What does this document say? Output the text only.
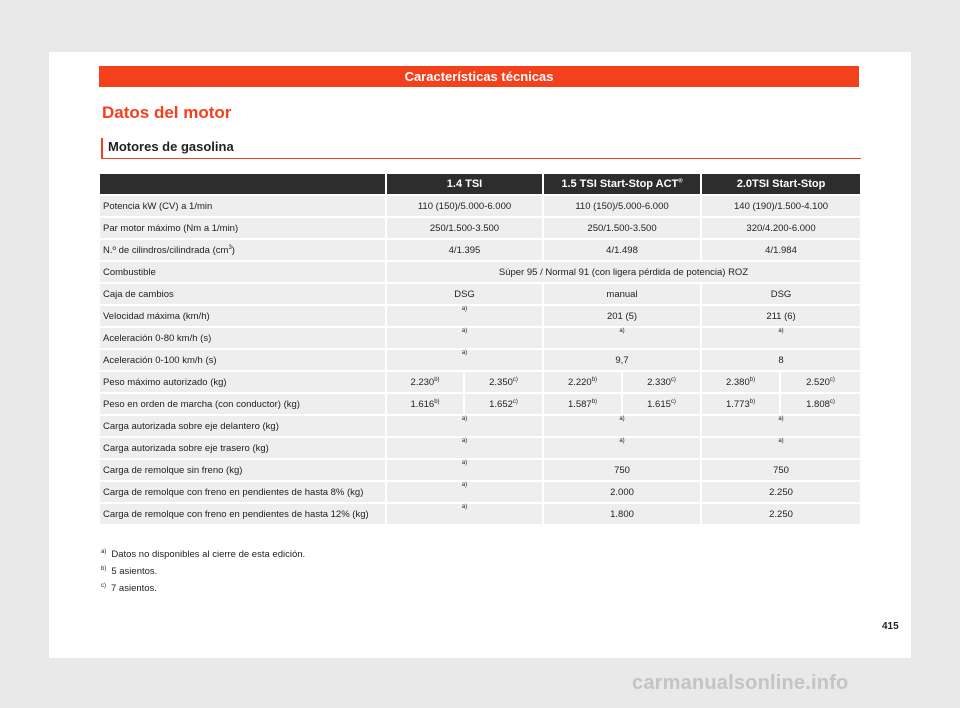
Características técnicas
Datos del motor
Motores de gasolina
	1.4 TSI		1.5 TSI Start-Stop ACT®		2.0TSI Start-Stop	
Potencia kW (CV) a 1/min	110 (150)/5.000-6.000		110 (150)/5.000-6.000		140 (190)/1.500-4.100	
Par motor máximo (Nm a 1/min)	250/1.500-3.500		250/1.500-3.500		320/4.200-6.000	
N.º de cilindros/cilindrada $(cm^3)$	4/1.395		4/1.498		4/1.984	
Combustible	Súper 95 / Normal 91 (con ligera pérdida de potencia) ROZ					
Caja de cambios	DSG		manual		DSG	
Velocidad máxima (km/h)	$^{a)}$		201 (5)		211 (6)	
Aceleración 0-80 km/h (s)	$^{a)}$		$^{a)}$		$^{a)}$
Aceleración 0-100 km/h (s)	$^{a)}$		9,7		8	
Peso máximo autorizado (kg)	2.230$^{b)}$	2.350$^{c)}$	2.220$^{b)}$	2.330$^{c)}$	2.380$^{b)}$	2.520$^{c)}$
Peso en orden de marcha (con conductor) (kg)	1.616$^{b)}$	1.652$^{c)}$	1.587$^{b)}$	1.615$^{c)}$	1.773$^{b)}$	1.808$^{c)}$
Carga autorizada sobre eje delantero (kg)	$^{a)}$		$^{a)}$		$^{a)}$
Carga autorizada sobre eje trasero (kg)	$^{a)}$		$^{a)}$		$^{a)}$
Carga de remolque sin freno (kg)	$^{a)}$		750		750	
Carga de remolque con freno en pendientes de hasta 8% (kg)	$^{a)}$		2.000		2.250	
Carga de remolque con freno en pendientes de hasta 12% (kg)	$^{a)}$		1.800		2.250	
$^{a)}$ Datos no disponibles al cierre de esta edición.
$^{b)}$ 5 asientos.
$^{c)}$ 7 asientos.
415
carmanualsonline.info
